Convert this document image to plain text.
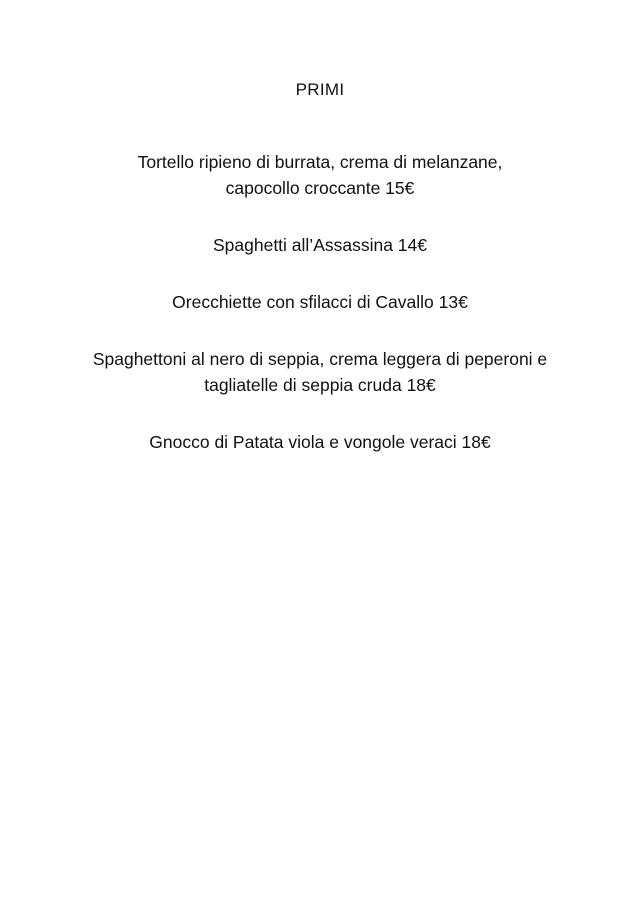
PRIMI

Tortello ripieno di burrata, crema di melanzane,
capocollo croccante 15€

Spaghetti all’Assassina 14€

Orecchiette con sfilacci di Cavallo 13€

Spaghettoni al nero di seppia, crema leggera di peperoni e
tagliatelle di seppia cruda 18€

Gnocco di Patata viola e vongole veraci 18€
